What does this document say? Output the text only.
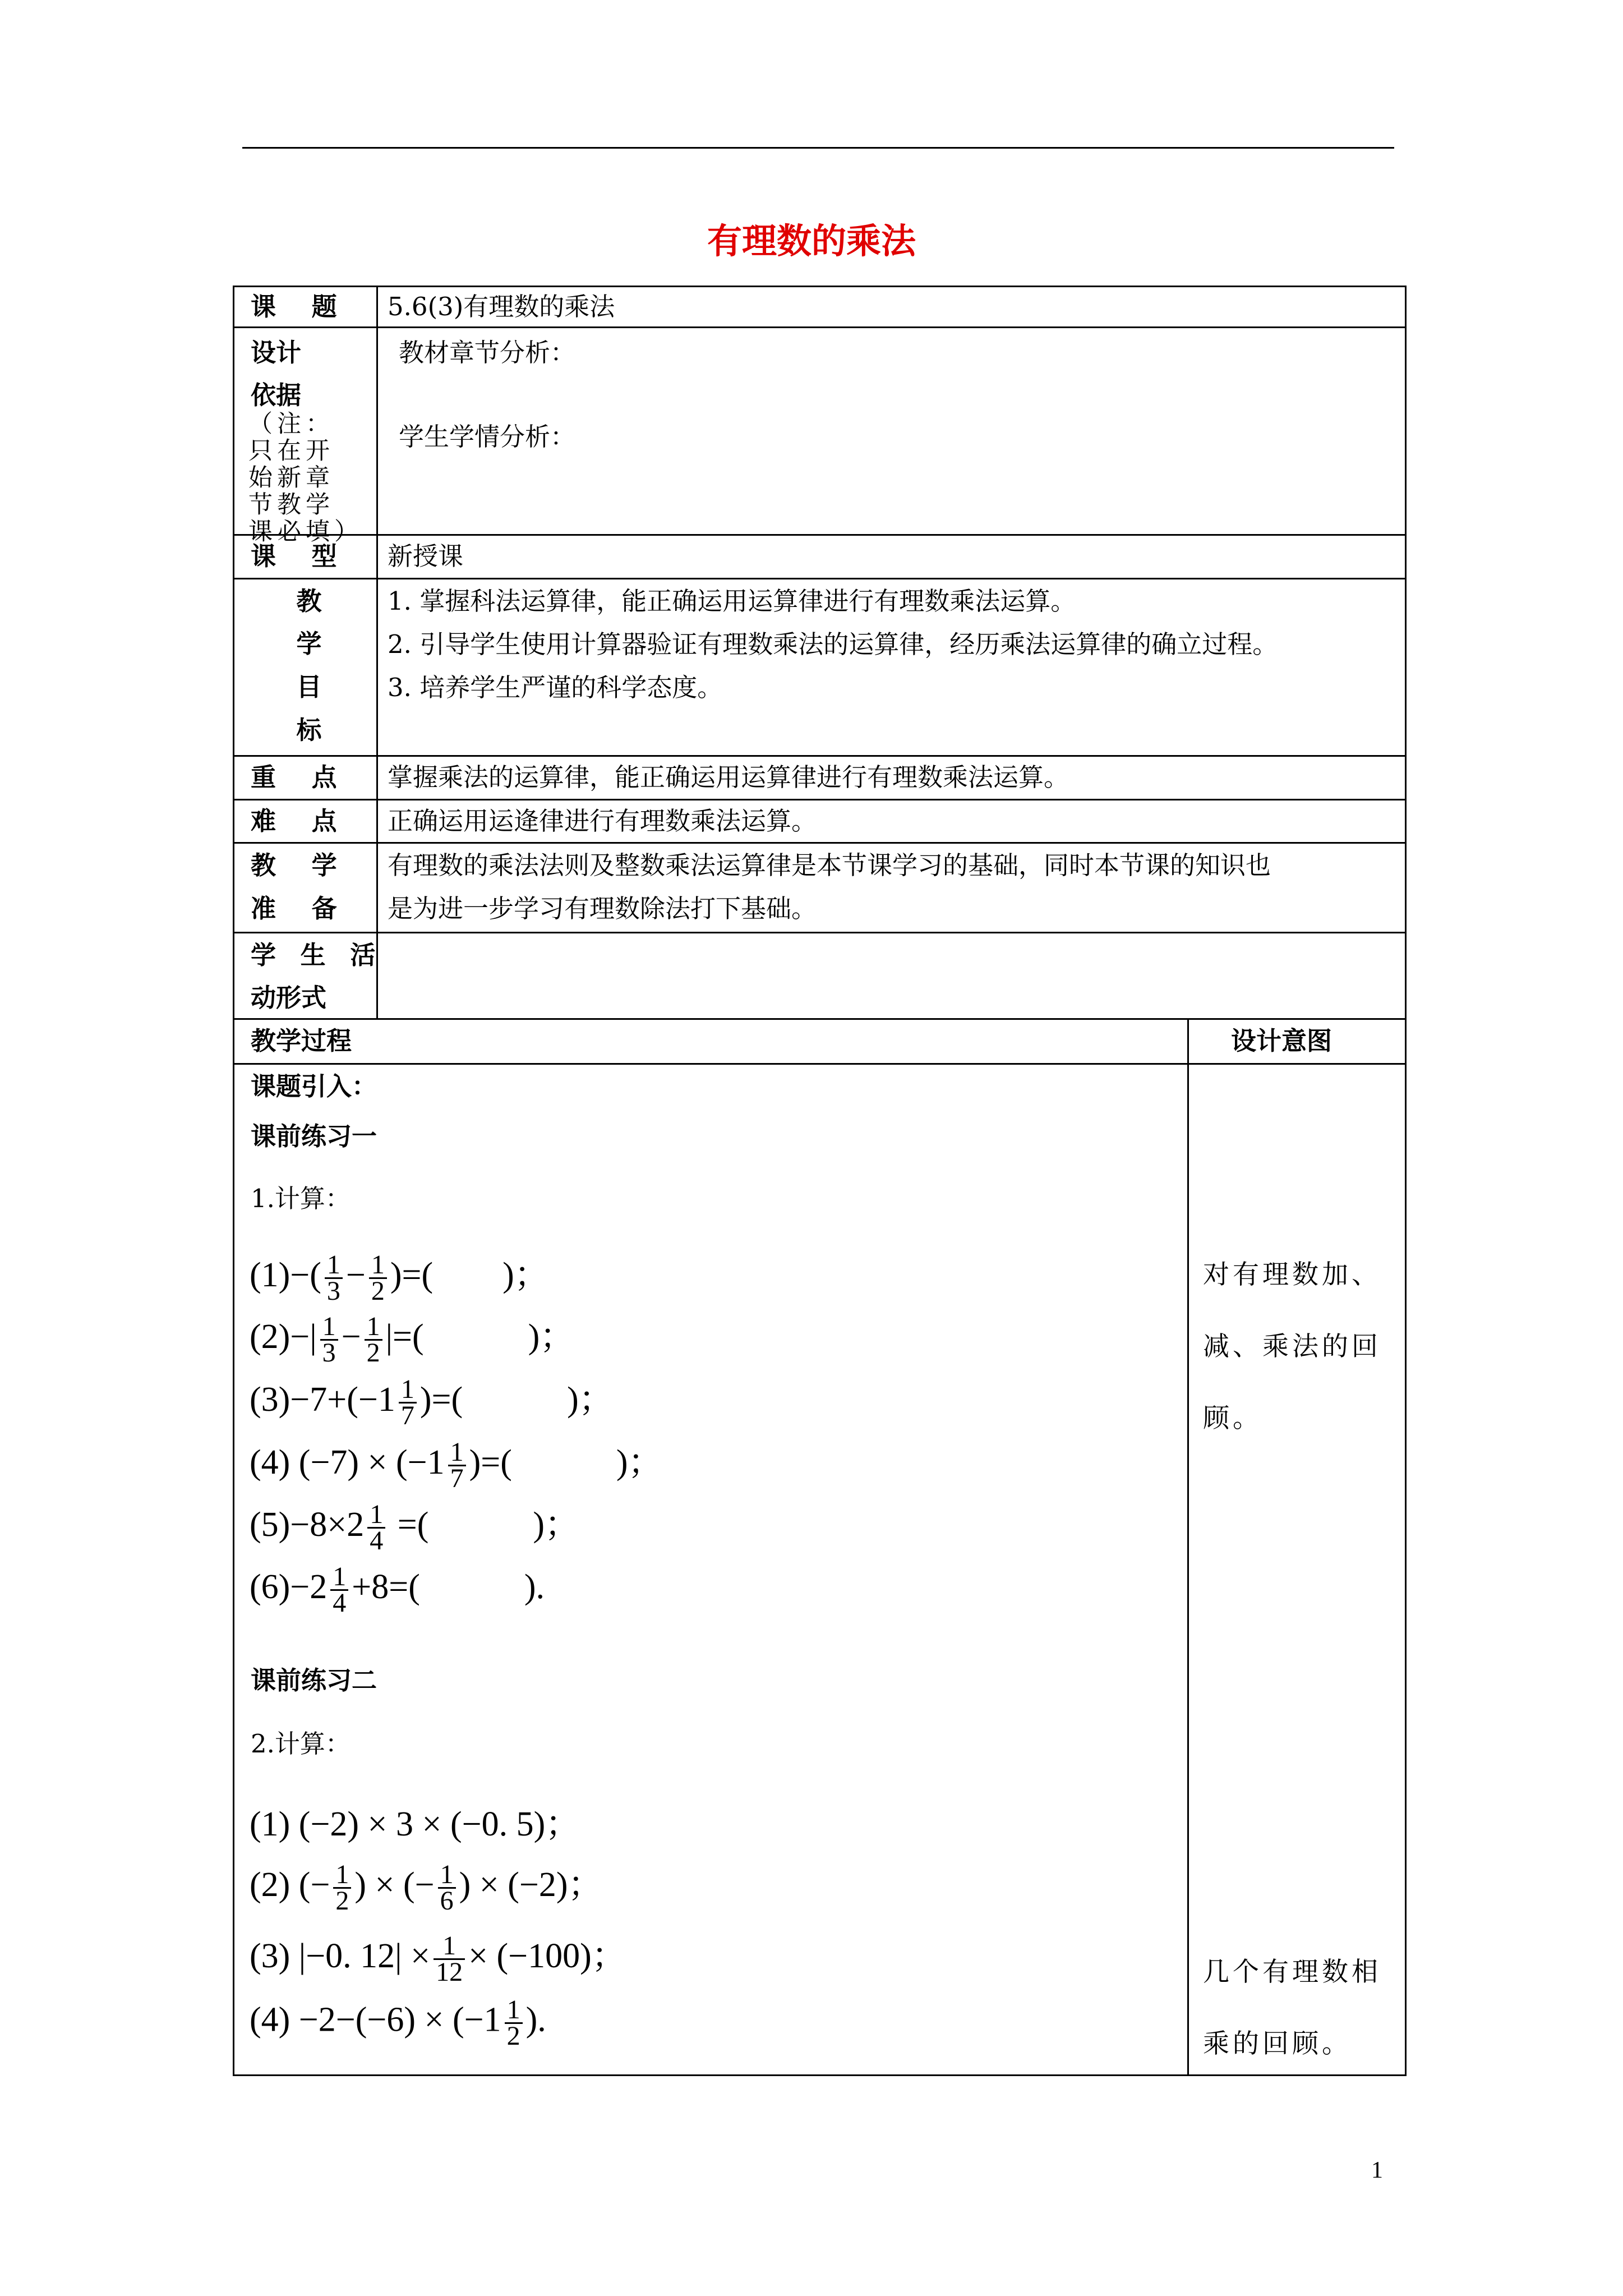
有理数的乘法
课 题 5.6(3)有理数的乘法
设计
依据
（注：只在开始新章节教学课必填）
教材章节分析：
学生学情分析：
课 型 新授课
教
学
目
标
1. 掌握科法运算律，能正确运用运算律进行有理数乘法运算。
2. 引导学生使用计算器验证有理数乘法的运算律，经历乘法运算律的确立过程。
3. 培养学生严谨的科学态度。
重 点 掌握乘法的运算律，能正确运用运算律进行有理数乘法运算。
难 点 正确运用运逄律进行有理数乘法运算。
教 学
准 备
有理数的乘法法则及整数乘法运算律是本节课学习的基础，同时本节课的知识也
是为进一步学习有理数除法打下基础。
学 生 活
动形式
教学过程	设计意图
课题引入：
课前练习一
1.计算：
$(1)-( \frac{1}{3} - \frac{1}{2}$ )=(　　)；
$(2)-| \frac{1}{3} - \frac{1}{2}$ |=(　　　)；
$(3)-7+(-1 \frac{1}{7}$ )=(　　　)；
(4) $(-7) \times (-1 \frac{1}{7}$ )=(　　　)；
$(5)-8\times 2 \frac{1}{4}$ =(　　　)；
$(6)-2 \frac{1}{4} +8=$(　　　).
课前练习二
2.计算：
(1) (−2) × 3 × (−0. 5)；
(2) (− $\frac{1}{2}$ ) × (− $\frac{1}{6}$ ) × (−2)；
(3) |−0. $12| \times \frac{1}{12} \times (-100)$；
$(4) -2-(-6) \times (-1 \frac{1}{2}$ ).
对有理数加、减、乘法的回顾。
几个有理数相乘的回顾。
1
